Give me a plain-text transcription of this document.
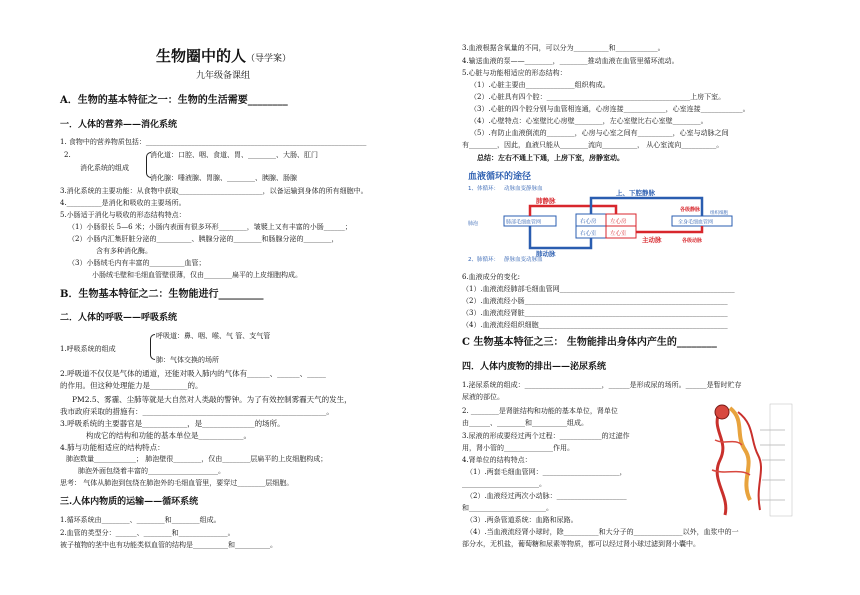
生物圈中的人（导学案）
九年级备课组
A．生物的基本特征之一：生物的生活需要________
一．人体的营养——消化系统
1. 食物中的营养物质包括：_______________________________________________________________
2.	消化道：口腔、咽、食道、胃、________、大肠、肛门
消化系统的组成
消化腺：唾液腺、胃腺、________、胰腺、肠腺
3.消化系统的主要功能：从食物中获取________________________，以备运输到身体的所有细胞中。
4.__________是消化和吸收的主要场所。
5.小肠适于消化与吸收的形态结构特点：
（1）小肠很长 5—6 米；小肠内表面有很多环形________，皱襞上又有丰富的小肠______；
（2）小肠内汇集肝脏分泌的__________、胰腺分泌的________和肠腺分泌的________，
含有多种消化酶。
（3）小肠绒毛内有丰富的__________血管；
小肠绒毛壁和毛细血管壁很薄，仅由________扁平的上皮细胞构成。
B．生物基本特征之二：生物能进行_________
二．人体的呼吸——呼吸系统
呼吸道：鼻、咽、喉、气 管、支气管
1.呼吸系统的组成
肺：气体交换的场所
2.呼吸道不仅仅是气体的通道，还能对吸入肺内的气体有______、______、_____
的作用。但这种处理能力是__________的。
PM2.5、雾霾、尘肺等就是大自然对人类敲的警钟。为了有效控制雾霾天气的发生，
我市政府采取的措施有：_________________________________________________。
3.呼吸系统的主要器官是____________，是______________的场所。
构成它的结构和功能的基本单位是____________。
4.肺与功能相适应的结构特点：
肺泡数量____________； 肺泡壁很________，仅由________层扁平的上皮细胞构成；
肺泡外面包绕着丰富的____________________。
思考： 气体从肺泡到包绕在肺泡外的毛细血管里，要穿过________层细胞。
三.人体内物质的运输——循环系统
1.循环系统由________、________和________组成。
2.血管的类型分：______、________和______________。
被子植物的茎中也有功能类似血管的结构是__________和__________。
3.血液根据含氧量的不同，可以分为__________和____________。
4.输送血液的泵——________，________推动血液在血管里循环流动。
5.心脏与功能相适应的形态结构：
（1）.心脏主要由______________组织构成。
（2）.心脏具有四个腔：_________________________________________上房下室。
（3）.心脏的四个腔分别与血管相连通，心房连接____________，心室连接____________。
（4）.心壁特点：心室壁比心房壁________，左心室壁比右心室壁________。
（5）.有防止血液倒流的________，心房与心室之间有__________，心室与动脉之间
有________，因此，血液只能从________流向__________， 从心室流向__________。
总结：左右不通上下通，上房下室，房静室动。
血液循环的途径
1、体循环： 动脉血变静脉血
右心房 左心房
右心室 左心室
肺部毛细血管网	全身毛细血管网
肺静脉
肺动脉
上、下腔静脉
各级静脉
主动脉	各级动脉
组织细胞
肺泡
2、肺循环： 静脉血变动脉血
6.血液成分的变化:
（1）.血液流经肺部毛细血管网__________________________________________________
（2）.血液流经小肠__________________________________________________________
（3）.血液流经肾脏__________________________________________________________
（4）.血液流经组织细胞______________________________________________________
C 生物基本特征之三： 生物能排出身体内产生的________
四．人体内废物的排出——泌尿系统
1.泌尿系统的组成：______________________，______是形成尿的场所。______是暂时贮存
尿液的部位。
2. ________是肾脏结构和功能的基本单位，肾单位
由______、________和__________组成。
3.尿液的形成要经过两个过程：____________的过滤作
用，肾小管的______________作用。
4.肾单位的结构特点：
（1）.两套毛细血管网：______________________，
______________________。
（2）.血液经过两次小动脉：____________________
和______________________。
（3）.两条管道系统：血路和尿路。
（4）.当血液流经肾小球时，除__________和大分子的______________以外，血浆中的一
部分水，无机盐，葡萄糖和尿素等物质，都可以经过肾小球过滤到肾小囊中。
